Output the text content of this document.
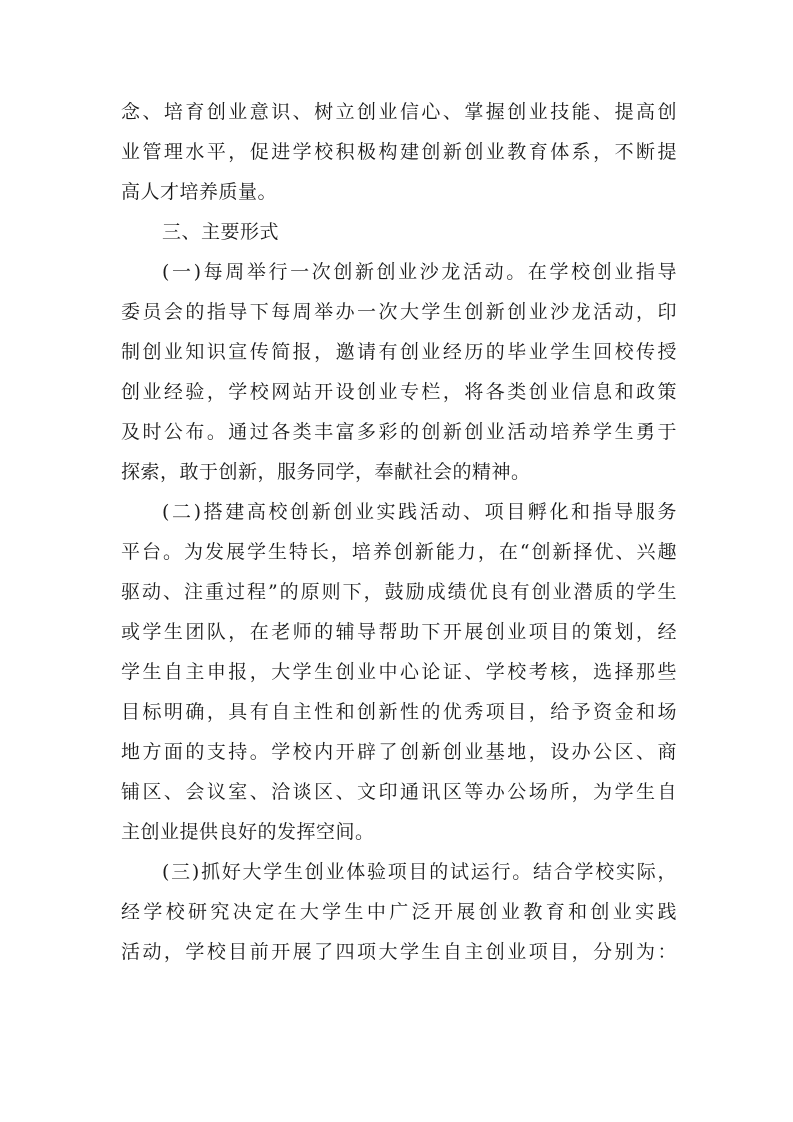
念、培育创业意识、树立创业信心、掌握创业技能、提高创
业管理水平，促进学校积极构建创新创业教育体系，不断提
高人才培养质量。
三、主要形式
(一)每周举行一次创新创业沙龙活动。在学校创业指导
委员会的指导下每周举办一次大学生创新创业沙龙活动，印
制创业知识宣传简报，邀请有创业经历的毕业学生回校传授
创业经验，学校网站开设创业专栏，将各类创业信息和政策
及时公布。通过各类丰富多彩的创新创业活动培养学生勇于
探索，敢于创新，服务同学，奉献社会的精神。
(二)搭建高校创新创业实践活动、项目孵化和指导服务
平台。为发展学生特长，培养创新能力，在“创新择优、兴趣
驱动、注重过程”的原则下，鼓励成绩优良有创业潜质的学生
或学生团队，在老师的辅导帮助下开展创业项目的策划，经
学生自主申报，大学生创业中心论证、学校考核，选择那些
目标明确，具有自主性和创新性的优秀项目，给予资金和场
地方面的支持。学校内开辟了创新创业基地，设办公区、商
铺区、会议室、洽谈区、文印通讯区等办公场所，为学生自
主创业提供良好的发挥空间。
(三)抓好大学生创业体验项目的试运行。结合学校实际，
经学校研究决定在大学生中广泛开展创业教育和创业实践
活动，学校目前开展了四项大学生自主创业项目，分别为：
